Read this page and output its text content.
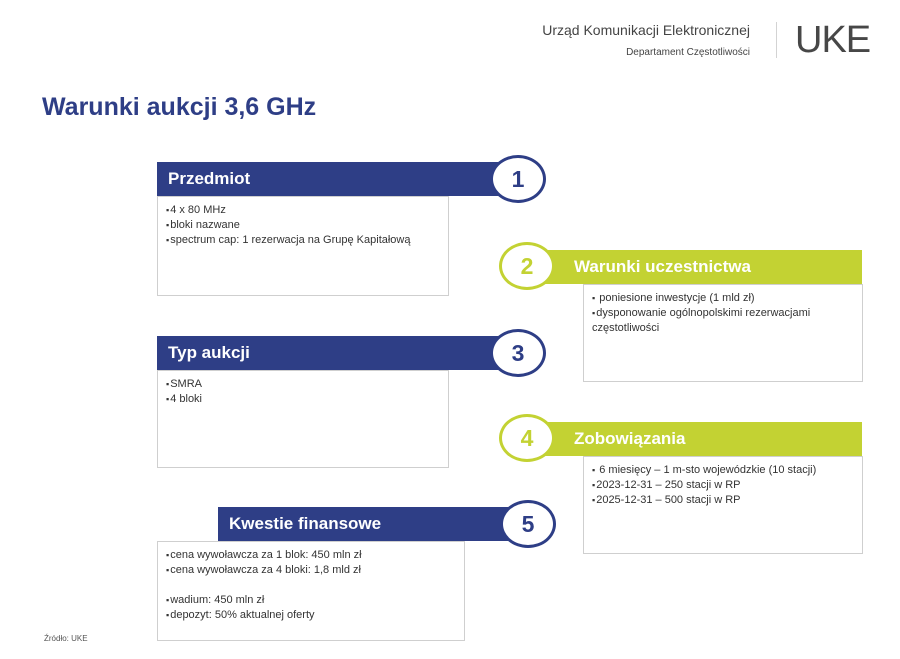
Urząd Komunikacji Elektronicznej
Departament Częstotliwości UKE
Warunki aukcji 3,6 GHz
Przedmiot	1
▪ 4 x 80 MHz
▪ bloki nazwane
▪ spectrum cap: 1 rezerwacja na Grupę Kapitałową
Warunki uczestnictwa
2
▪ poniesione inwestycje (1 mld zł)
▪ dysponowanie ogólnopolskimi rezerwacjami częstotliwości
Typ aukcji	3
▪ SMRA
▪ 4 bloki
Zobowiązania
4
▪ 6 miesięcy – 1 m-sto wojewódzkie (10 stacji)
▪ 2023-12-31 – 250 stacji w RP
▪ 2025-12-31 – 500 stacji w RP
Kwestie finansowe	5
▪ cena wywoławcza za 1 blok: 450 mln zł
▪ cena wywoławcza za 4 bloki: 1,8 mld zł
▪ wadium: 450 mln zł
▪ depozyt: 50% aktualnej oferty
Źródło: UKE
